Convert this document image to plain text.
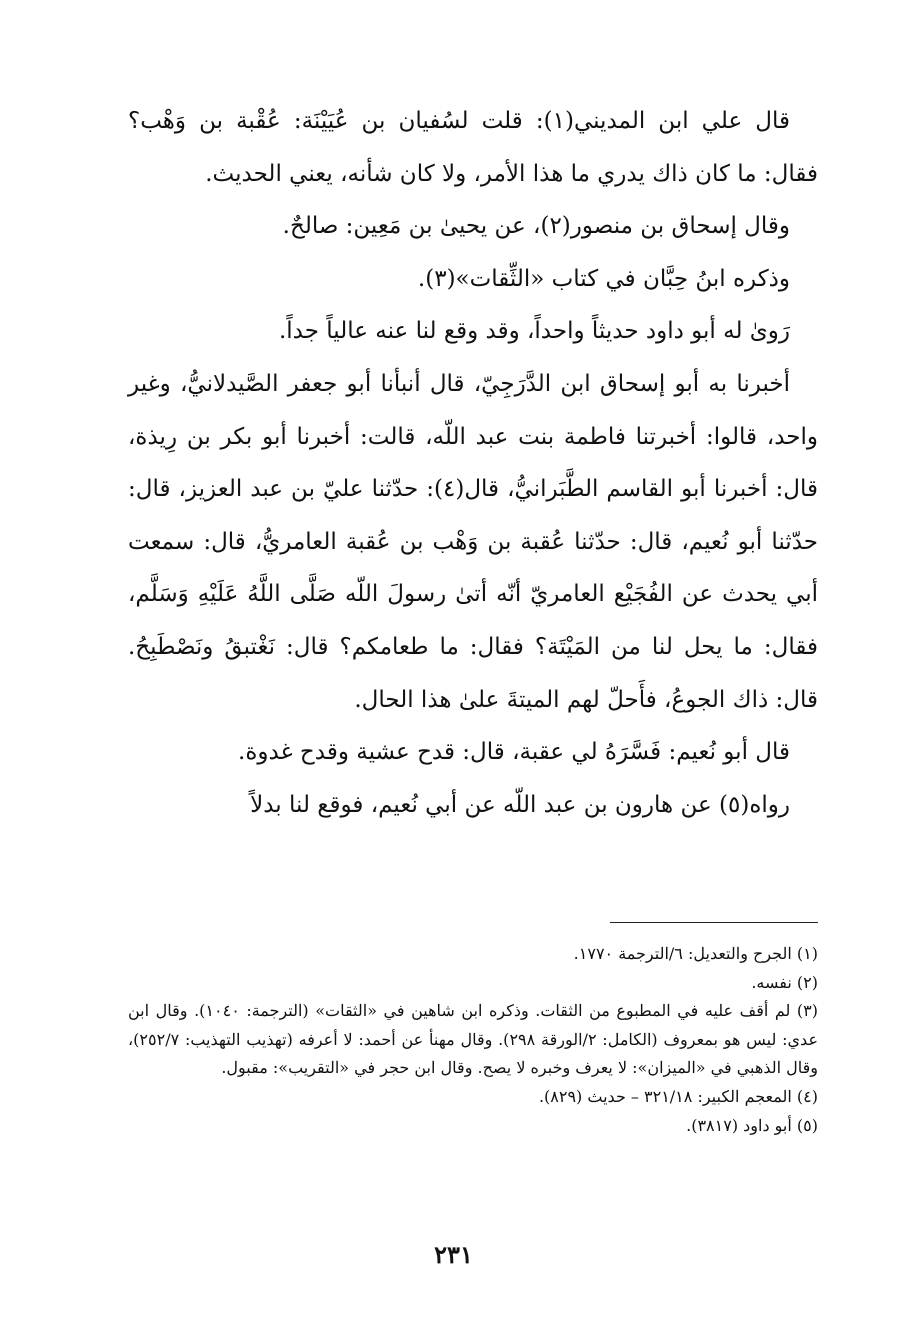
قال علي ابن المديني(١): قلت لسُفيان بن عُيَيْنَة: عُقْبة بن وَهْب؟ فقال: ما كان ذاك يدري ما هذا الأمر، ولا كان شأنه، يعني الحديث.

وقال إسحاق بن منصور(٢)، عن يحيىٰ بن مَعِين: صالحٌ.

وذكره ابنُ حِبَّان في كتاب «الثِّقات»(٣).

رَوىٰ له أبو داود حديثاً واحداً، وقد وقع لنا عنه عالياً جداً.

أخبرنا به أبو إسحاق ابن الدَّرَجِيّ، قال أنبأنا أبو جعفر الصَّيدلانيُّ، وغير واحد، قالوا: أخبرتنا فاطمة بنت عبد اللّه، قالت: أخبرنا أبو بكر بن رِيذة، قال: أخبرنا أبو القاسم الطَّبَرانيُّ، قال(٤): حدّثنا عليّ بن عبد العزيز، قال: حدّثنا أبو نُعيم، قال: حدّثنا عُقبة بن وَهْب بن عُقبة العامريُّ، قال: سمعت أبي يحدث عن الفُجَيْع العامريّ أنّه أتىٰ رسولَ اللّه صَلَّى اللَّهُ عَلَيْهِ وَسَلَّم، فقال: ما يحل لنا من المَيْتَة؟ فقال: ما طعامكم؟ قال: نَغْتبقُ ونَصْطَبِحُ. قال: ذاك الجوعُ، فأَحلّ لهم الميتةَ علىٰ هذا الحال.

قال أبو نُعيم: فَسَّرَهُ لي عقبة، قال: قدح عشية وقدح غدوة.

رواه(٥) عن هارون بن عبد اللّه عن أبي نُعيم، فوقع لنا بدلاً

(١) الجرح والتعديل: ٦/الترجمة ١٧٧٠.

(٢) نفسه.

(٣) لم أقف عليه في المطبوع من الثقات. وذكره ابن شاهين في «الثقات» (الترجمة: ١٠٤٠). وقال ابن عدي: ليس هو بمعروف (الكامل: ٢/الورقة ٢٩٨). وقال مهنأ عن أحمد: لا أعرفه (تهذيب التهذيب: ٢٥٢/٧)، وقال الذهبي في «الميزان»: لا يعرف وخبره لا يصح. وقال ابن حجر في «التقريب»: مقبول.

(٤) المعجم الكبير: ٣٢١/١٨ – حديث (٨٢٩).

(٥) أبو داود (٣٨١٧).

٢٣١
